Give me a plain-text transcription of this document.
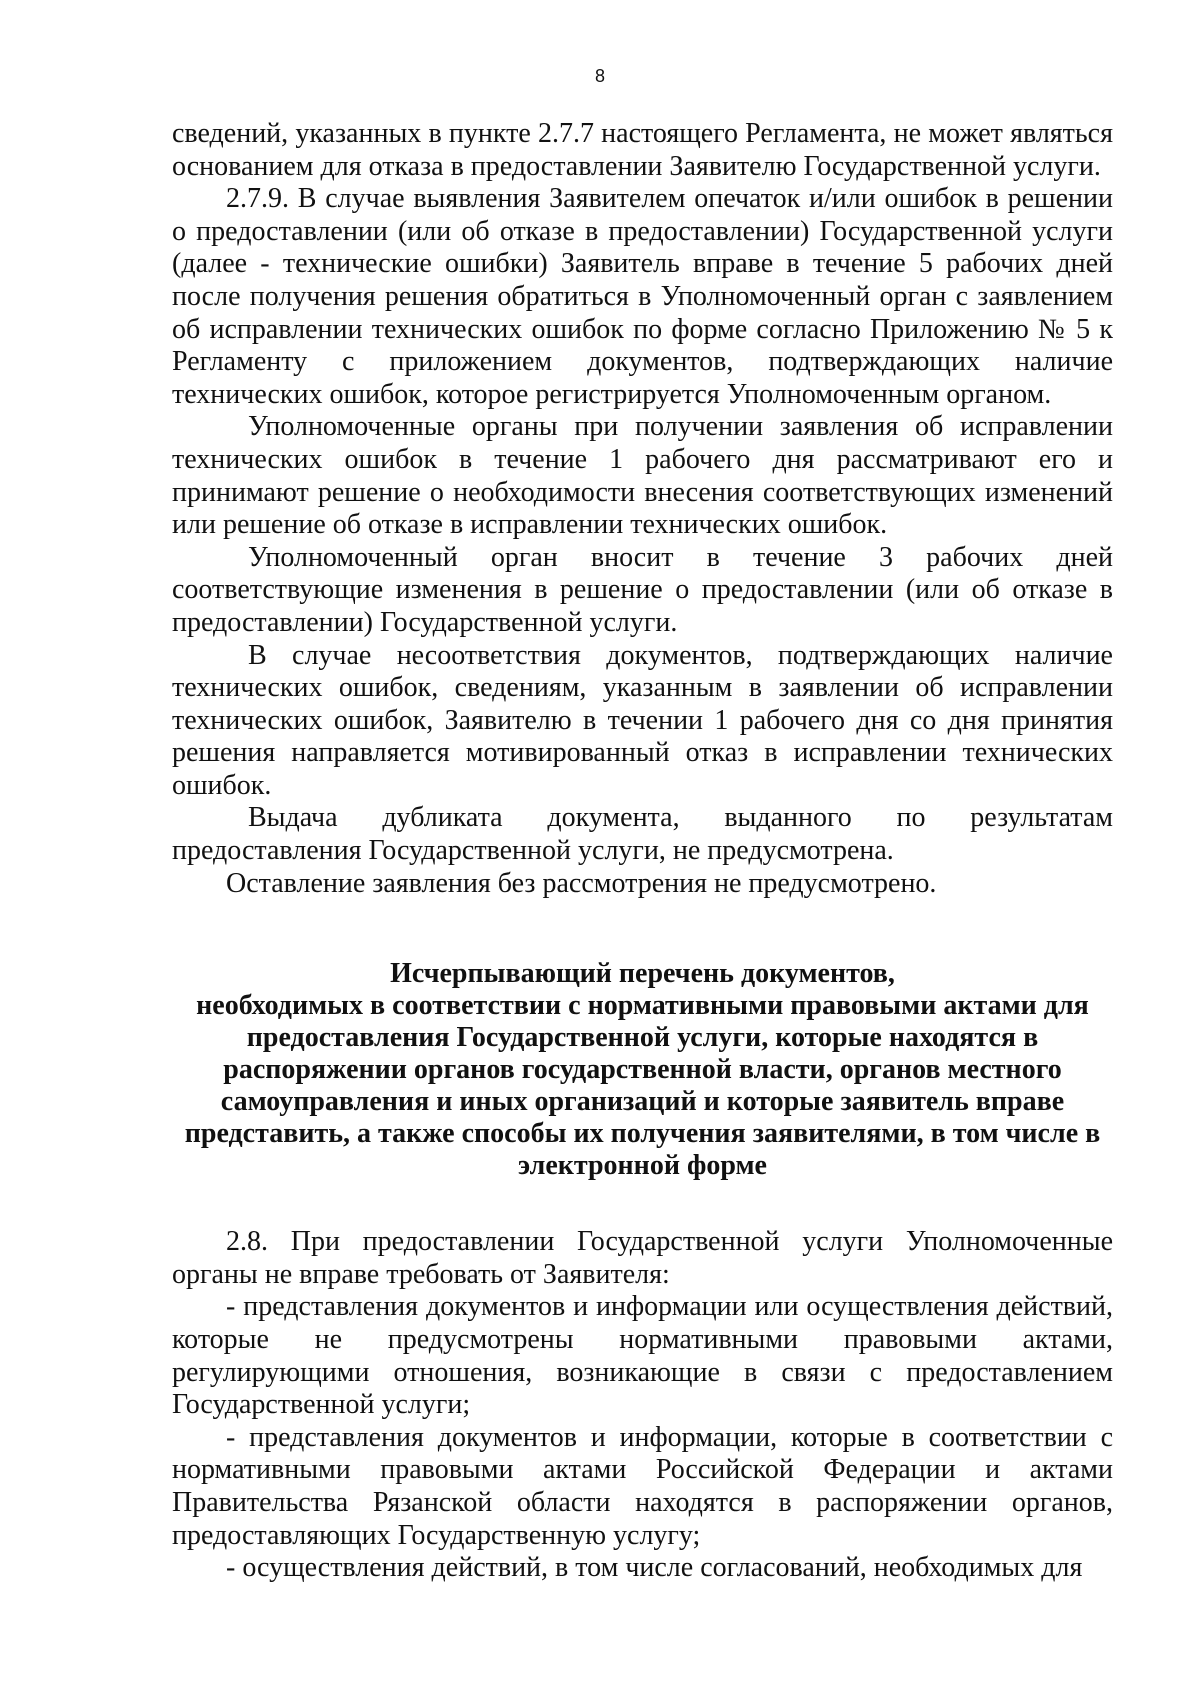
8

сведений, указанных в пункте 2.7.7 настоящего Регламента, не может являться основанием для отказа в предоставлении Заявителю Государственной услуги.

2.7.9. В случае выявления Заявителем опечаток и/или ошибок в решении о предоставлении (или об отказе в предоставлении) Государственной услуги (далее - технические ошибки) Заявитель вправе в течение 5 рабочих дней после получения решения обратиться в Уполномоченный орган с заявлением об исправлении технических ошибок по форме согласно Приложению № 5 к Регламенту с приложением документов, подтверждающих наличие технических ошибок, которое регистрируется Уполномоченным органом.

Уполномоченные органы при получении заявления об исправлении технических ошибок в течение 1 рабочего дня рассматривают его и принимают решение о необходимости внесения соответствующих изменений или решение об отказе в исправлении технических ошибок.

Уполномоченный орган вносит в течение 3 рабочих дней соответствующие изменения в решение о предоставлении (или об отказе в предоставлении) Государственной услуги.

В случае несоответствия документов, подтверждающих наличие технических ошибок, сведениям, указанным в заявлении об исправлении технических ошибок, Заявителю в течении 1 рабочего дня со дня принятия решения направляется мотивированный отказ в исправлении технических ошибок.

Выдача дубликата документа, выданного по результатам предоставления Государственной услуги, не предусмотрена.

Оставление заявления без рассмотрения не предусмотрено.

Исчерпывающий перечень документов,
необходимых в соответствии с нормативными правовыми актами для предоставления Государственной услуги, которые находятся в распоряжении органов государственной власти, органов местного самоуправления и иных организаций и которые заявитель вправе представить, а также способы их получения заявителями, в том числе в электронной форме

2.8. При предоставлении Государственной услуги Уполномоченные органы не вправе требовать от Заявителя:

- представления документов и информации или осуществления действий, которые не предусмотрены нормативными правовыми актами, регулирующими отношения, возникающие в связи с предоставлением Государственной услуги;

- представления документов и информации, которые в соответствии с нормативными правовыми актами Российской Федерации и актами Правительства Рязанской области находятся в распоряжении органов, предоставляющих Государственную услугу;

- осуществления действий, в том числе согласований, необходимых для
